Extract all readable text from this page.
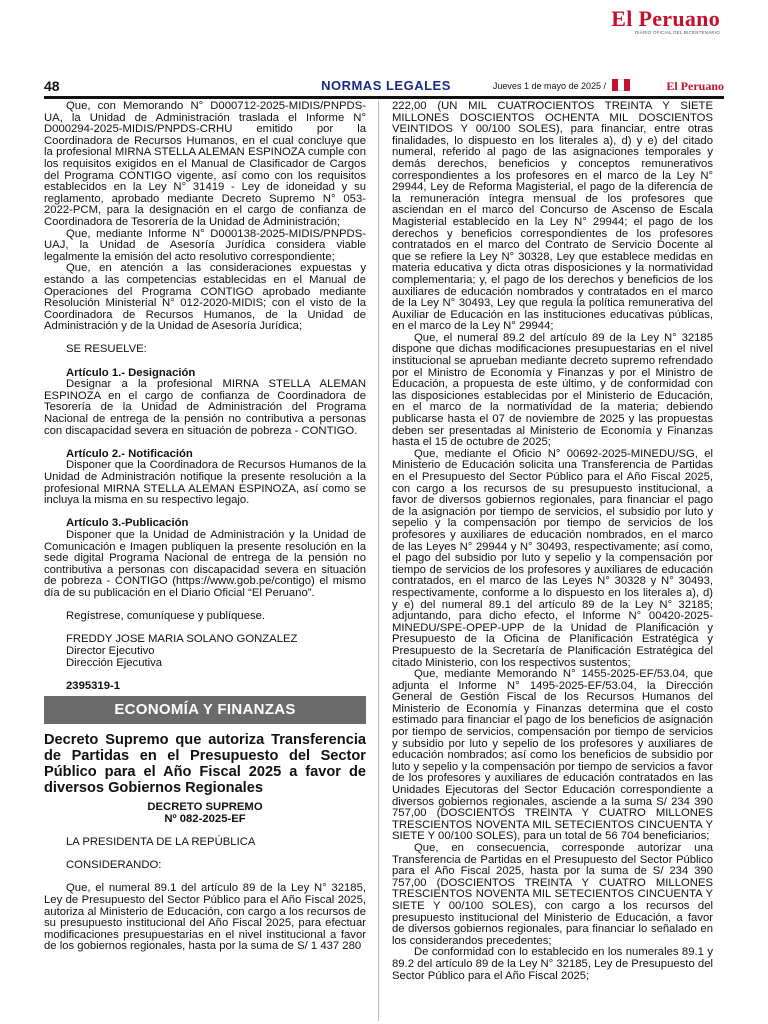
El Peruano
DIARIO OFICIAL DEL BICENTENARIO
48	NORMAS LEGALES	Jueves 1 de mayo de 2025 /	El Peruano

Que, con Memorando N° D000712-2025-MIDIS/PNPDS-UA, la Unidad de Administración traslada el Informe N° D000294-2025-MIDIS/PNPDS-CRHU emitido por la Coordinadora de Recursos Humanos, en el cual concluye que la profesional MIRNA STELLA ALEMAN ESPINOZA cumple con los requisitos exigidos en el Manual de Clasificador de Cargos del Programa CONTIGO vigente, así como con los requisitos establecidos en la Ley N° 31419 - Ley de idoneidad y su reglamento, aprobado mediante Decreto Supremo N° 053-2022-PCM, para la designación en el cargo de confianza de Coordinadora de Tesorería de la Unidad de Administración;

Que, mediante Informe N° D000138-2025-MIDIS/PNPDS-UAJ, la Unidad de Asesoría Jurídica considera viable legalmente la emisión del acto resolutivo correspondiente;

Que, en atención a las consideraciones expuestas y estando a las competencias establecidas en el Manual de Operaciones del Programa CONTIGO aprobado mediante Resolución Ministerial N° 012-2020-MIDIS; con el visto de la Coordinadora de Recursos Humanos, de la Unidad de Administración y de la Unidad de Asesoría Jurídica;

SE RESUELVE:

Artículo 1.- Designación

Designar a la profesional MIRNA STELLA ALEMAN ESPINOZA en el cargo de confianza de Coordinadora de Tesorería de la Unidad de Administración del Programa Nacional de entrega de la pensión no contributiva a personas con discapacidad severa en situación de pobreza - CONTIGO.

Artículo 2.- Notificación

Disponer que la Coordinadora de Recursos Humanos de la Unidad de Administración notifique la presente resolución a la profesional MIRNA STELLA ALEMAN ESPINOZA, así como se incluya la misma en su respectivo legajo.

Artículo 3.-Publicación

Disponer que la Unidad de Administración y la Unidad de Comunicación e Imagen publiquen la presente resolución en la sede digital Programa Nacional de entrega de la pensión no contributiva a personas con discapacidad severa en situación de pobreza - CONTIGO (https://www.gob.pe/contigo) el mismo día de su publicación en el Diario Oficial “El Peruano”.

Regístrese, comuníquese y publíquese.

FREDDY JOSE MARIA SOLANO GONZALEZ

Director Ejecutivo

Dirección Ejecutiva

2395319-1

ECONOMÍA Y FINANZAS
Decreto Supremo que autoriza Transferencia de Partidas en el Presupuesto del Sector Público para el Año Fiscal 2025 a favor de diversos Gobiernos Regionales

DECRETO SUPREMO

Nº 082-2025-EF

LA PRESIDENTA DE LA REPÚBLICA

CONSIDERANDO:

Que, el numeral 89.1 del artículo 89 de la Ley N° 32185, Ley de Presupuesto del Sector Público para el Año Fiscal 2025, autoriza al Ministerio de Educación, con cargo a los recursos de su presupuesto institucional del Año Fiscal 2025, para efectuar modificaciones presupuestarias en el nivel institucional a favor de los gobiernos regionales, hasta por la suma de S/ 1 437 280

222,00 (UN MIL CUATROCIENTOS TREINTA Y SIETE MILLONES DOSCIENTOS OCHENTA MIL DOSCIENTOS VEINTIDOS Y 00/100 SOLES), para financiar, entre otras finalidades, lo dispuesto en los literales a), d) y e) del citado numeral, referido al pago de las asignaciones temporales y demás derechos, beneficios y conceptos remunerativos correspondientes a los profesores en el marco de la Ley N° 29944, Ley de Reforma Magisterial, el pago de la diferencia de la remuneración íntegra mensual de los profesores que asciendan en el marco del Concurso de Ascenso de Escala Magisterial establecido en la Ley N° 29944; el pago de los derechos y beneficios correspondientes de los profesores contratados en el marco del Contrato de Servicio Docente al que se refiere la Ley N° 30328, Ley que establece medidas en materia educativa y dicta otras disposiciones y la normatividad complementaria; y, el pago de los derechos y beneficios de los auxiliares de educación nombrados y contratados en el marco de la Ley N° 30493, Ley que regula la política remunerativa del Auxiliar de Educación en las instituciones educativas públicas, en el marco de la Ley N° 29944;

Que, el numeral 89.2 del artículo 89 de la Ley N° 32185 dispone que dichas modificaciones presupuestarias en el nivel institucional se aprueban mediante decreto supremo refrendado por el Ministro de Economía y Finanzas y por el Ministro de Educación, a propuesta de este último, y de conformidad con las disposiciones establecidas por el Ministerio de Educación, en el marco de la normatividad de la materia; debiendo publicarse hasta el 07 de noviembre de 2025 y las propuestas deben ser presentadas al Ministerio de Economía y Finanzas hasta el 15 de octubre de 2025;

Que, mediante el Oficio N° 00692-2025-MINEDU/SG, el Ministerio de Educación solicita una Transferencia de Partidas en el Presupuesto del Sector Público para el Año Fiscal 2025, con cargo a los recursos de su presupuesto institucional, a favor de diversos gobiernos regionales, para financiar el pago de la asignación por tiempo de servicios, el subsidio por luto y sepelio y la compensación por tiempo de servicios de los profesores y auxiliares de educación nombrados, en el marco de las Leyes N° 29944 y N° 30493, respectivamente; así como, el pago del subsidio por luto y sepelio y la compensación por tiempo de servicios de los profesores y auxiliares de educación contratados, en el marco de las Leyes N° 30328 y N° 30493, respectivamente, conforme a lo dispuesto en los literales a), d) y e) del numeral 89.1 del artículo 89 de la Ley N° 32185; adjuntando, para dicho efecto, el Informe N° 00420-2025-MINEDU/SPE-OPEP-UPP de la Unidad de Planificación y Presupuesto de la Oficina de Planificación Estratégica y Presupuesto de la Secretaría de Planificación Estratégica del citado Ministerio, con los respectivos sustentos;

Que, mediante Memorando N° 1455-2025-EF/53.04, que adjunta el Informe N° 1495-2025-EF/53.04, la Dirección General de Gestión Fiscal de los Recursos Humanos del Ministerio de Economía y Finanzas determina que el costo estimado para financiar el pago de los beneficios de asignación por tiempo de servicios, compensación por tiempo de servicios y subsidio por luto y sepelio de los profesores y auxiliares de educación nombrados; así como los beneficios de subsidio por luto y sepelio y la compensación por tiempo de servicios a favor de los profesores y auxiliares de educación contratados en las Unidades Ejecutoras del Sector Educación correspondiente a diversos gobiernos regionales, asciende a la suma S/ 234 390 757,00 (DOSCIENTOS TREINTA Y CUATRO MILLONES TRESCIENTOS NOVENTA MIL SETECIENTOS CINCUENTA Y SIETE Y 00/100 SOLES), para un total de 56 704 beneficiarios;

Que, en consecuencia, corresponde autorizar una Transferencia de Partidas en el Presupuesto del Sector Público para el Año Fiscal 2025, hasta por la suma de S/ 234 390 757,00 (DOSCIENTOS TREINTA Y CUATRO MILLONES TRESCIENTOS NOVENTA MIL SETECIENTOS CINCUENTA Y SIETE Y 00/100 SOLES), con cargo a los recursos del presupuesto institucional del Ministerio de Educación, a favor de diversos gobiernos regionales, para financiar lo señalado en los considerandos precedentes;

De conformidad con lo establecido en los numerales 89.1 y 89.2 del artículo 89 de la Ley N° 32185, Ley de Presupuesto del Sector Público para el Año Fiscal 2025;
